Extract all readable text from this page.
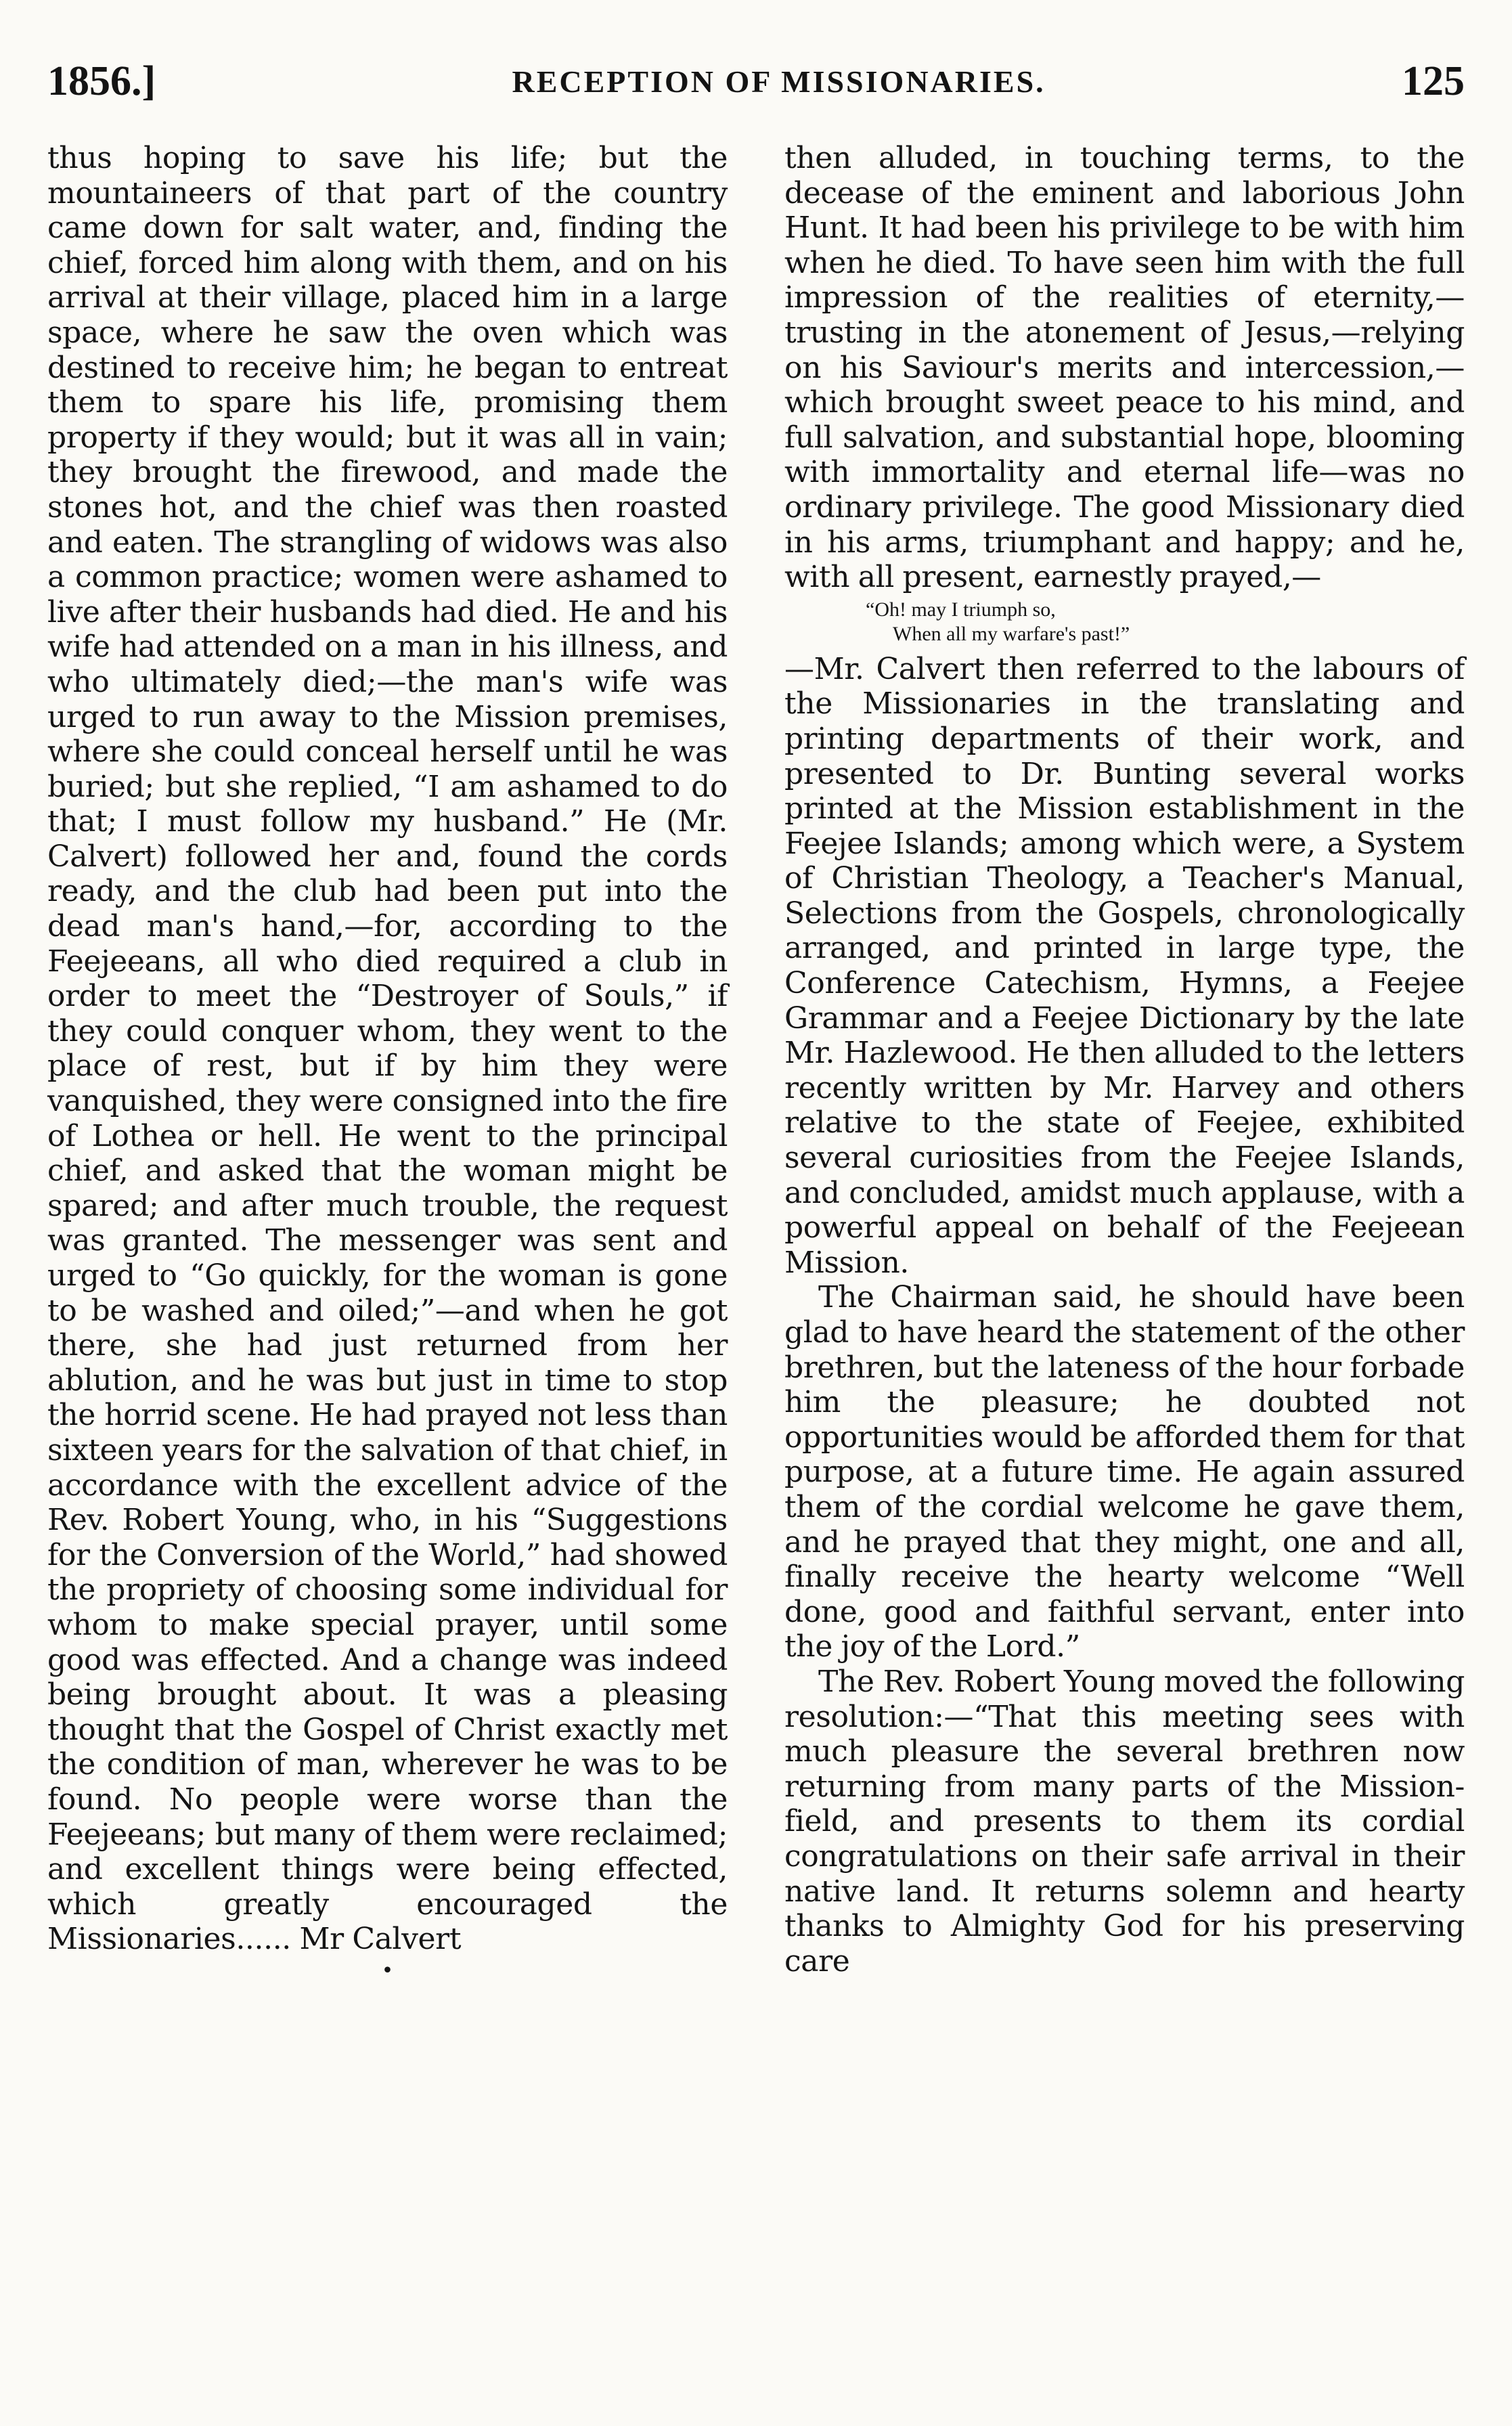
1856.]	RECEPTION OF MISSIONARIES.	125

thus hoping to save his life; but the mountaineers of that part of the country came down for salt water, and, finding the chief, forced him along with them, and on his arrival at their village, placed him in a large space, where he saw the oven which was destined to receive him; he began to entreat them to spare his life, promising them property if they would; but it was all in vain; they brought the firewood, and made the stones hot, and the chief was then roasted and eaten. The strangling of widows was also a common practice; women were ashamed to live after their husbands had died. He and his wife had attended on a man in his illness, and who ultimately died;—the man's wife was urged to run away to the Mission premises, where she could conceal herself until he was buried; but she replied, “I am ashamed to do that; I must follow my husband.” He (Mr. Calvert) followed her and, found the cords ready, and the club had been put into the dead man's hand,—for, according to the Feejeeans, all who died required a club in order to meet the “Destroyer of Souls,” if they could conquer whom, they went to the place of rest, but if by him they were vanquished, they were consigned into the fire of Lothea or hell. He went to the principal chief, and asked that the woman might be spared; and after much trouble, the request was granted. The messenger was sent and urged to “Go quickly, for the woman is gone to be washed and oiled;”—and when he got there, she had just returned from her ablution, and he was but just in time to stop the horrid scene. He had prayed not less than sixteen years for the salvation of that chief, in accordance with the excellent advice of the Rev. Robert Young, who, in his “Suggestions for the Conversion of the World,” had showed the propriety of choosing some individual for whom to make special prayer, until some good was effected. And a change was indeed being brought about. It was a pleasing thought that the Gospel of Christ exactly met the condition of man, wherever he was to be found. No people were worse than the Feejeeans; but many of them were reclaimed; and excellent things were being effected, which greatly encouraged the Missionaries...... Mr Calvert

•

then alluded, in touching terms, to the decease of the eminent and laborious John Hunt. It had been his privilege to be with him when he died. To have seen him with the full impression of the realities of eternity,—trusting in the atonement of Jesus,—relying on his Saviour's merits and intercession,—which brought sweet peace to his mind, and full salvation, and substantial hope, blooming with immortality and eternal life—was no ordinary privilege. The good Missionary died in his arms, triumphant and happy; and he, with all present, earnestly prayed,—

“Oh! may I triumph so,
When all my warfare's past!”

—Mr. Calvert then referred to the labours of the Missionaries in the translating and printing departments of their work, and presented to Dr. Bunting several works printed at the Mission establishment in the Feejee Islands; among which were, a System of Christian Theology, a Teacher's Manual, Selections from the Gospels, chronologically arranged, and printed in large type, the Conference Catechism, Hymns, a Feejee Grammar and a Feejee Dictionary by the late Mr. Hazlewood. He then alluded to the letters recently written by Mr. Harvey and others relative to the state of Feejee, exhibited several curiosities from the Feejee Islands, and concluded, amidst much applause, with a powerful appeal on behalf of the Feejeean Mission.

The Chairman said, he should have been glad to have heard the statement of the other brethren, but the lateness of the hour forbade him the pleasure; he doubted not opportunities would be afforded them for that purpose, at a future time. He again assured them of the cordial welcome he gave them, and he prayed that they might, one and all, finally receive the hearty welcome “Well done, good and faithful servant, enter into the joy of the Lord.”

The Rev. Robert Young moved the following resolution:—“That this meeting sees with much pleasure the several brethren now returning from many parts of the Mission-field, and presents to them its cordial congratulations on their safe arrival in their native land. It returns solemn and hearty thanks to Almighty God for his preserving care
